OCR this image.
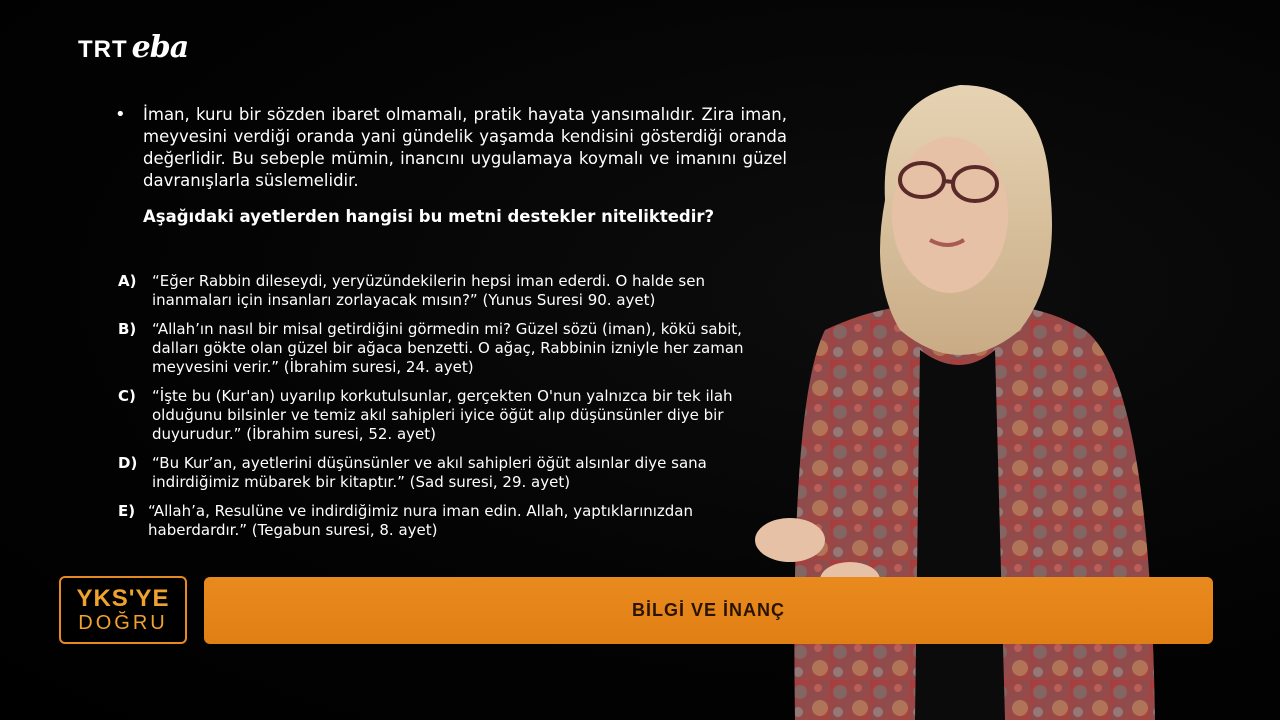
TRT eba
•	İman, kuru bir sözden ibaret olmamalı, pratik hayata yansımalıdır. Zira iman, meyvesini verdiği oranda yani gündelik yaşamda kendisini gösterdiği oranda değerlidir. Bu sebeple mümin, inancını uygulamaya koymalı ve imanını güzel davranışlarla süslemelidir.
Aşağıdaki ayetlerden hangisi bu metni destekler niteliktedir?
A)	“Eğer Rabbin dileseydi, yeryüzündekilerin hepsi iman ederdi. O halde sen inanmaları için insanları zorlayacak mısın?” (Yunus Suresi 90. ayet)
B)	“Allah’ın nasıl bir misal getirdiğini görmedin mi? Güzel sözü (iman), kökü sabit, dalları gökte olan güzel bir ağaca benzetti. O ağaç, Rabbinin izniyle her zaman meyvesini verir.” (İbrahim suresi, 24. ayet)
C)	“İşte bu (Kur'an) uyarılıp korkutulsunlar, gerçekten O'nun yalnızca bir tek ilah olduğunu bilsinler ve temiz akıl sahipleri iyice öğüt alıp düşünsünler diye bir duyurudur.” (İbrahim suresi, 52. ayet)
D) “Bu Kur’an, ayetlerini düşünsünler ve akıl sahipleri öğüt alsınlar diye sana indirdiğimiz mübarek bir kitaptır.” (Sad suresi, 29. ayet)
E) “Allah’a, Resulüne ve indirdiğimiz nura iman edin. Allah, yaptıklarınızdan haberdardır.” (Tegabun suresi, 8. ayet)
YKS'YE
DOĞRU
BİLGİ VE İNANÇ
